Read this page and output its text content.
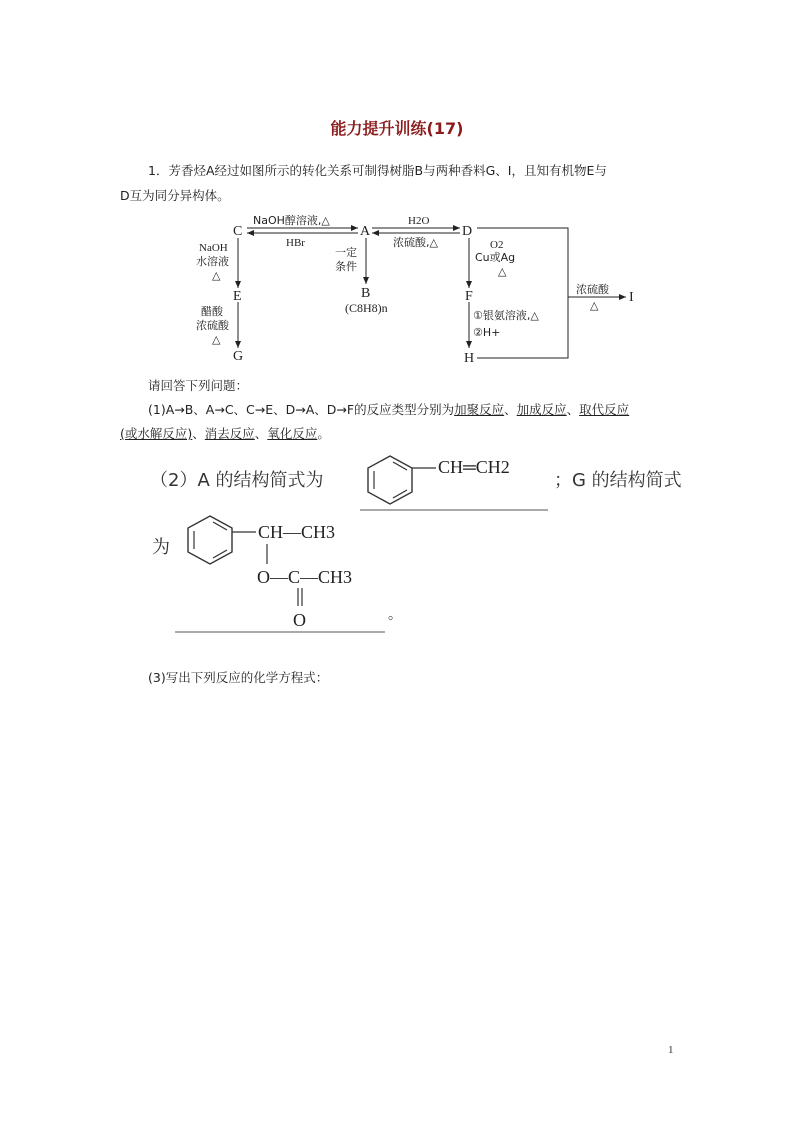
能力提升训练(17)
1．芳香烃A经过如图所示的转化关系可制得树脂B与两种香料G、I，且知有机物E与
D互为同分异构体。
C	A	D
E	B	F
G	H
I
(C8H8)n
NaOH醇溶液,△
HBr
H2O
浓硫酸,△
NaOH
水溶液
△
一定
条件
O2
Cu或Ag
△
醋酸
浓硫酸
△
①银氨溶液,△
②H+
浓硫酸
△
请回答下列问题：
(1)A→B、A→C、C→E、D→A、D→F的反应类型分别为加聚反应、加成反应、取代反应
(或水解反应)、消去反应、氧化反应。
（2）A 的结构简式为
CH═CH2
；G 的结构简式
为
CH—CH3
O—C—CH3
O	。
(3)写出下列反应的化学方程式：
1
